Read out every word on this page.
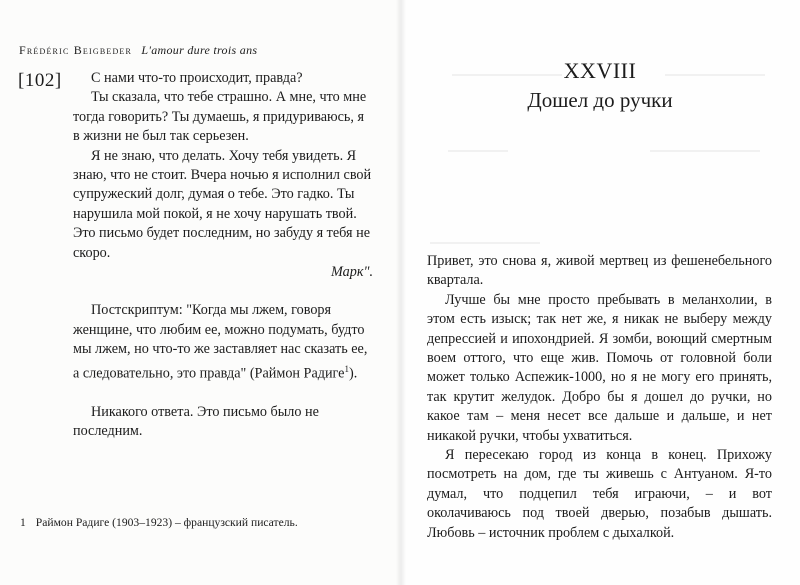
Frédéric Beigbeder L'amour dure trois ans
[102]	С нами что-то происходит, правда?

Ты сказала, что тебе страшно. А мне, что мне тогда говорить? Ты думаешь, я придуриваюсь, я в жизни не был так серьезен.

Я не знаю, что делать. Хочу тебя увидеть. Я знаю, что не стоит. Вчера ночью я исполнил свой супружеский долг, думая о тебе. Это гадко. Ты нарушила мой покой, я не хочу нарушать твой. Это письмо будет последним, но забуду я тебя не скоро.

Марк".

Постскриптум: "Когда мы лжем, говоря женщине, что любим ее, можно подумать, будто мы лжем, но что-то же заставляет нас сказать ее, а следовательно, это правда" (Раймон Радиге$^1$).

Никакого ответа. Это письмо было не последним.

1 Раймон Радиге (1903–1923) – французский писатель.
XXVIII
Дошел до ручки

Привет, это снова я, живой мертвец из фешенебельного квартала.

Лучше бы мне просто пребывать в меланхолии, в этом есть изыск; так нет же, я никак не выберу между депрессией и ипохондрией. Я зомби, воющий смертным воем оттого, что еще жив. Помочь от головной боли может только Аспежик-1000, но я не могу его принять, так крутит желудок. Добро бы я дошел до ручки, но какое там – меня несет все дальше и дальше, и нет никакой ручки, чтобы ухватиться.

Я пересекаю город из конца в конец. Прихожу посмотреть на дом, где ты живешь с Антуаном. Я-то думал, что подцепил тебя играючи, – и вот околачиваюсь под твоей дверью, позабыв дышать. Любовь – источник проблем с дыхалкой.
